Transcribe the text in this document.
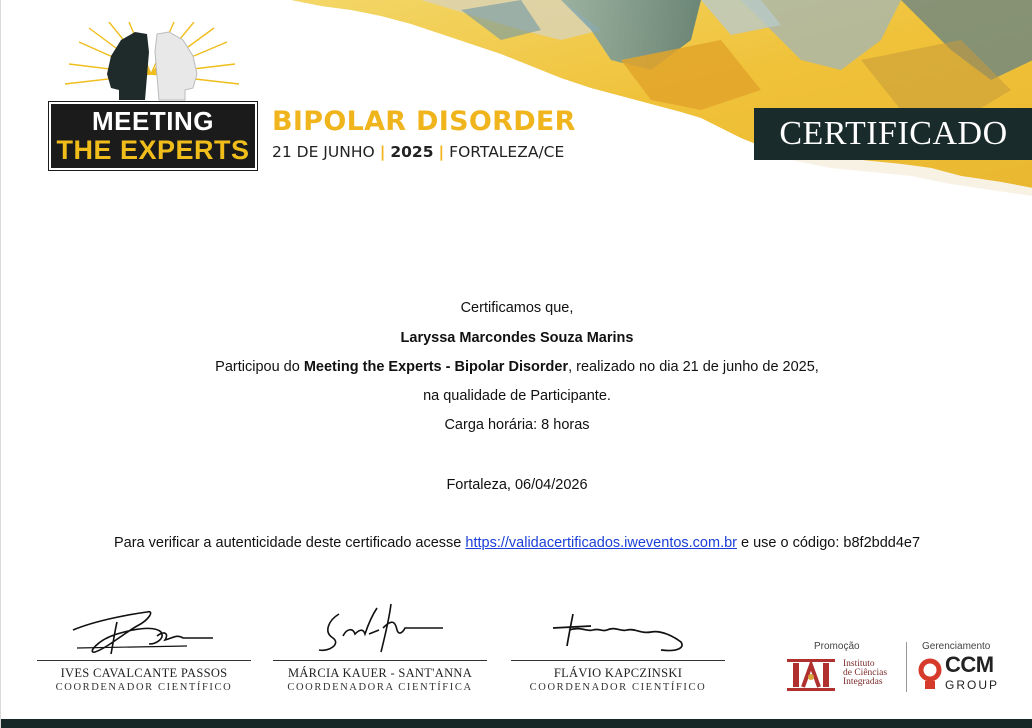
MEETING
THE EXPERTS
BIPOLAR DISORDER
21 DE JUNHO | 2025 | FORTALEZA/CE	CERTIFICADO
Certificamos que,
Laryssa Marcondes Souza Marins
Participou do Meeting the Experts - Bipolar Disorder, realizado no dia 21 de junho de 2025,
na qualidade de Participante.
Carga horária: 8 horas
Fortaleza, 06/04/2026
Para verificar a autenticidade deste certificado acesse https://validacertificados.iweventos.com.br e use o código: b8f2bdd4e7
IVES CAVALCANTE PASSOS
COORDENADOR CIENTÍFICO
MÁRCIA KAUER - SANT'ANNA
COORDENADORA CIENTÍFICA
FLÁVIO KAPCZINSKI
COORDENADOR CIENTÍFICO
Promoção
Instituto
de Ciências
Integradas
Gerenciamento
CCM
GROUP
